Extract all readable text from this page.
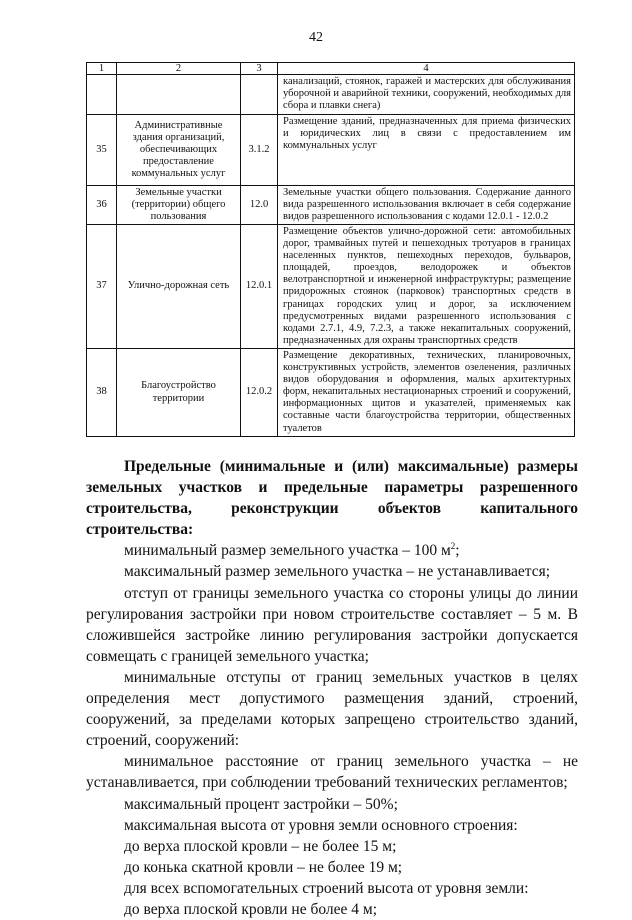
42
1	2	3	4
			канализаций, стоянок, гаражей и мастерских для обслуживания уборочной и аварийной техники, сооружений, необходимых для сбора и плавки снега)
35	Административные здания организаций, обеспечивающих предоставление коммунальных услуг	3.1.2	Размещение зданий, предназначенных для приема физических и юридических лиц в связи с предоставлением им коммунальных услуг
36	Земельные участки (территории) общего пользования	12.0	Земельные участки общего пользования. Содержание данного вида разрешенного использования включает в себя содержание видов разрешенного использования с кодами 12.0.1 - 12.0.2
37	Улично-дорожная сеть	12.0.1	Размещение объектов улично-дорожной сети: автомобильных дорог, трамвайных путей и пешеходных тротуаров в границах населенных пунктов, пешеходных переходов, бульваров, площадей, проездов, велодорожек и объектов велотранспортной и инженерной инфраструктуры; размещение придорожных стоянок (парковок) транспортных средств в границах городских улиц и дорог, за исключением предусмотренных видами разрешенного использования с кодами 2.7.1, 4.9, 7.2.3, а также некапитальных сооружений, предназначенных для охраны транспортных средств
38	Благоустройство территории	12.0.2	Размещение декоративных, технических, планировочных, конструктивных устройств, элементов озеленения, различных видов оборудования и оформления, малых архитектурных форм, некапитальных нестационарных строений и сооружений, информационных щитов и указателей, применяемых как составные части благоустройства территории, общественных туалетов

Предельные (минимальные и (или) максимальные) размеры земельных участков и предельные параметры разрешенного строительства, реконструкции объектов капитального строительства:

минимальный размер земельного участка – 100 $м^2$;

максимальный размер земельного участка – не устанавливается;

отступ от границы земельного участка со стороны улицы до линии регулирования застройки при новом строительстве составляет – 5 м. В сложившейся застройке линию регулирования застройки допускается совмещать с границей земельного участка;

минимальные отступы от границ земельных участков в целях определения мест допустимого размещения зданий, строений, сооружений, за пределами которых запрещено строительство зданий, строений, сооружений:

минимальное расстояние от границ земельного участка – не устанавливается, при соблюдении требований технических регламентов;

максимальный процент застройки – 50%;

максимальная высота от уровня земли основного строения:

до верха плоской кровли – не более 15 м;

до конька скатной кровли – не более 19 м;

для всех вспомогательных строений высота от уровня земли:

до верха плоской кровли не более 4 м;
